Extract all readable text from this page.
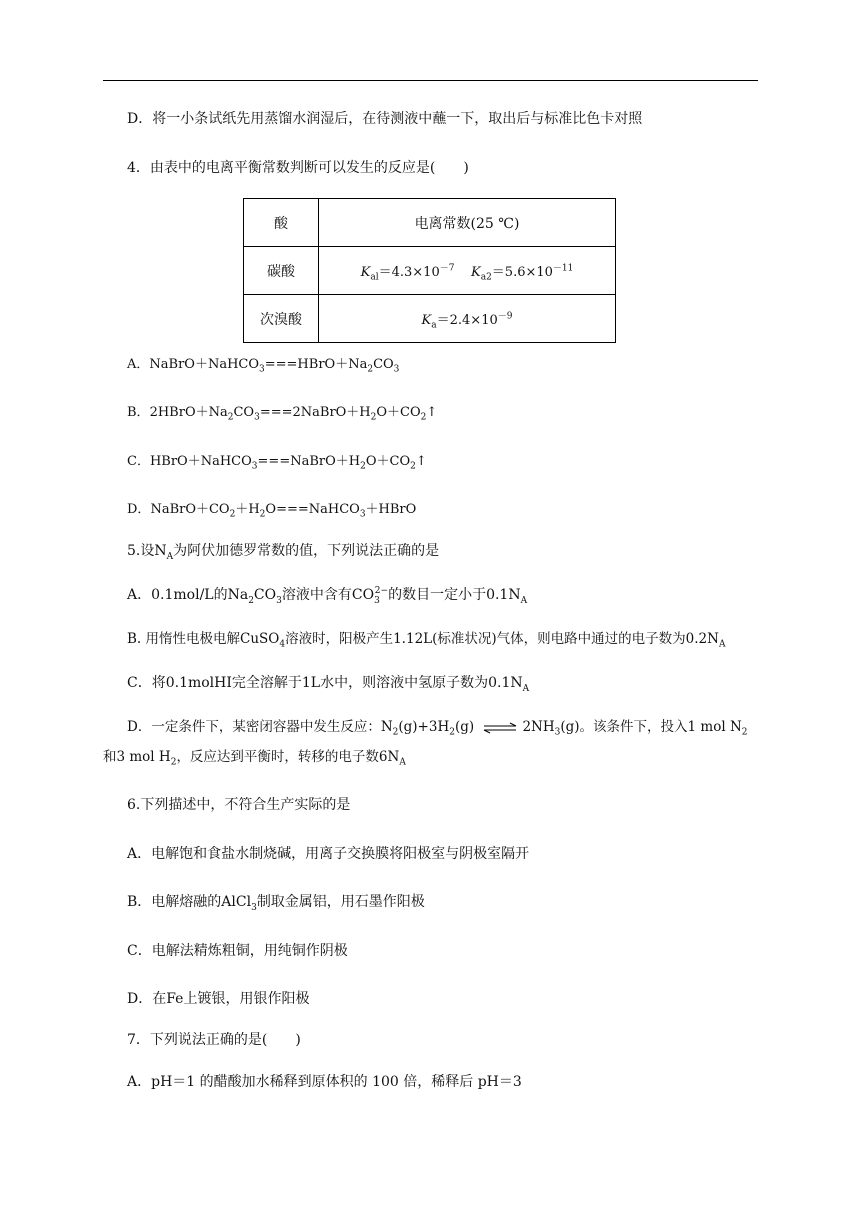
D．将一小条试纸先用蒸馏水润湿后，在待测液中蘸一下，取出后与标准比色卡对照
4．由表中的电离平衡常数判断可以发生的反应是(　　)
酸	电离常数(25 ℃)
碳酸	$K_{al}=4.3\times 10^{-7}$ $K_{a2}=5.6\times 10^{-11}$
次溴酸	$K_a=2.4\times 10^{-9}$
A．$NaBrO+NaHCO_3===HBrO+Na_2CO_3$
B．$2HBrO+Na_2CO_3===2NaBrO+H_2O+CO_2↑$
C．$HBrO+NaHCO_3===NaBrO+H_2O+CO_2↑$
D．$NaBrO+CO_2+H_2O===NaHCO_3+HBrO$
5.设$N_A$为阿伏加德罗常数的值，下列说法正确的是
A．0.1mol/L的$Na_2CO_3$溶液中含有$CO_3^{2-}$的数目一定小于$0.1N_A$
B. 用惰性电极电解CuSO$_4$溶液时，阳极产生1.12L(标准状况)气体，则电路中通过的电子数为$0.2N_A$
C．将0.1molHI完全溶解于1L水中，则溶液中氢原子数为$0.1N_A$
D．一定条件下，某密闭容器中发生反应：$N_2(g)+3H_2(g)$ ⇌ $2NH_3(g)$。该条件下，投入1 mol $N_2$
和3 mol $H_2$，反应达到平衡时，转移的电子数$6N_A$
6.下列描述中，不符合生产实际的是
A．电解饱和食盐水制烧碱，用离子交换膜将阳极室与阴极室隔开
B．电解熔融的AlCl$_3$制取金属铝，用石墨作阳极
C．电解法精炼粗铜，用纯铜作阴极
D．在Fe上镀银，用银作阳极
7．下列说法正确的是(　　)
A．pH＝1 的醋酸加水稀释到原体积的 100 倍，稀释后 pH＝3
